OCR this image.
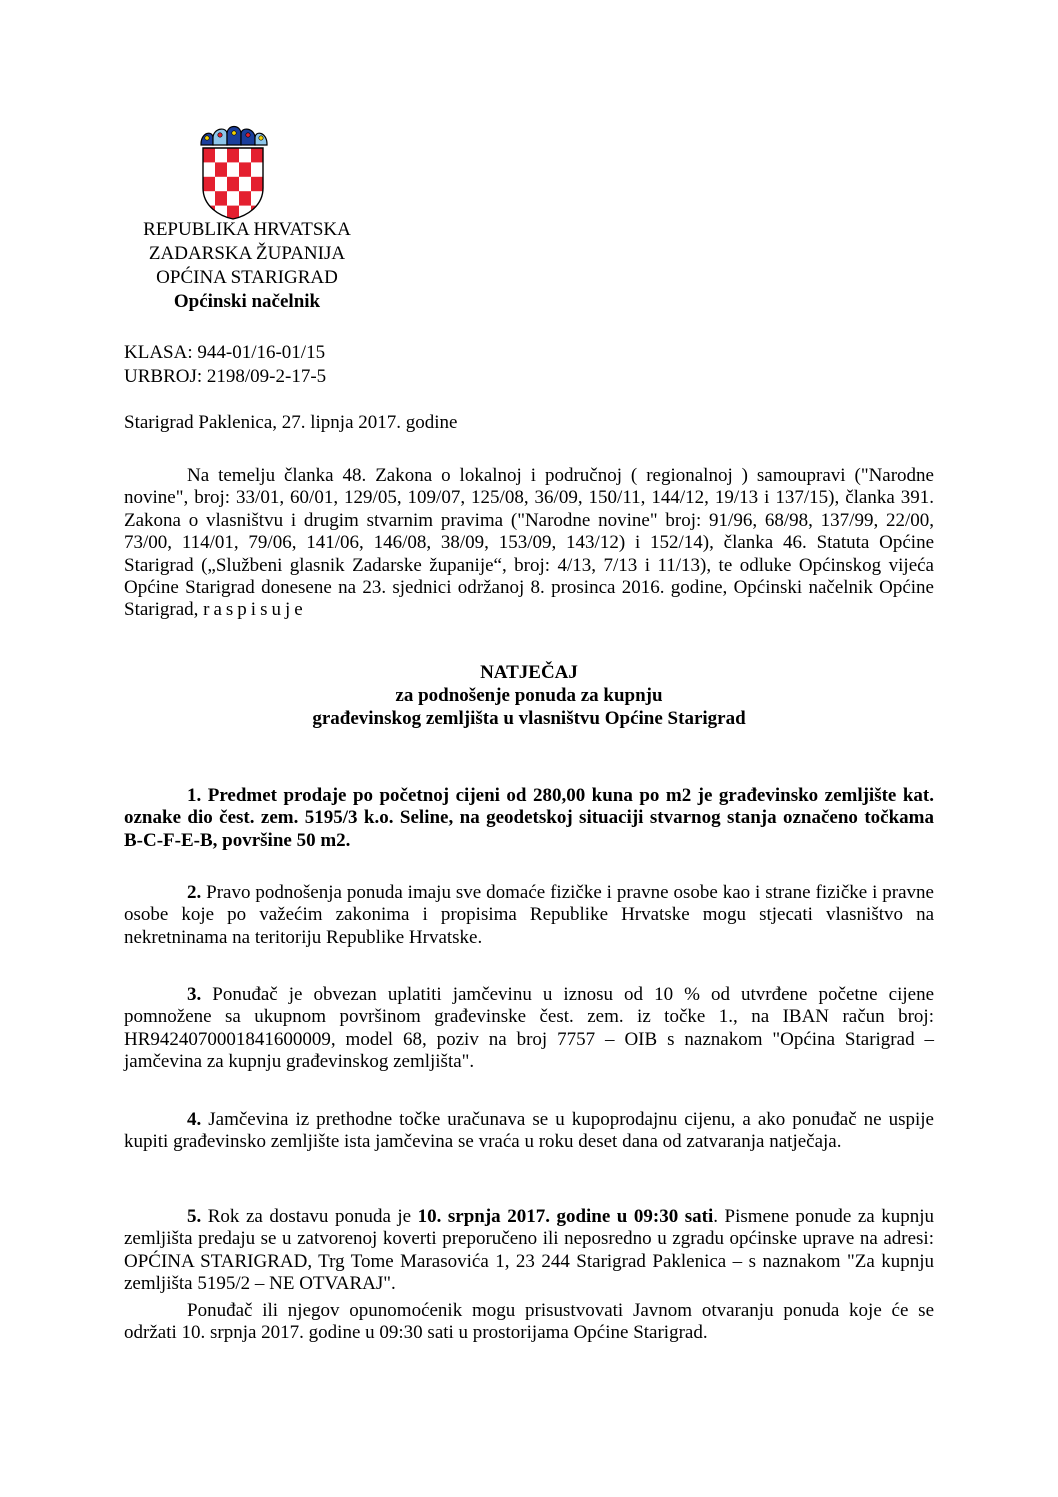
REPUBLIKA HRVATSKA
ZADARSKA ŽUPANIJA
OPĆINA STARIGRAD
Općinski načelnik
KLASA: 944-01/16-01/15
URBROJ: 2198/09-2-17-5
Starigrad Paklenica, 27. lipnja 2017. godine

Na temelju članka 48. Zakona o lokalnoj i područnoj ( regionalnoj ) samoupravi ("Narodne novine", broj: 33/01, 60/01, 129/05, 109/07, 125/08, 36/09, 150/11, 144/12, 19/13 i 137/15), članka 391. Zakona o vlasništvu i drugim stvarnim pravima ("Narodne novine" broj: 91/96, 68/98, 137/99, 22/00, 73/00, 114/01, 79/06, 141/06, 146/08, 38/09, 153/09, 143/12) i 152/14), članka 46. Statuta Općine Starigrad („Službeni glasnik Zadarske županije“, broj: 4/13, 7/13 i 11/13), te odluke Općinskog vijeća Općine Starigrad donesene na 23. sjednici održanoj 8. prosinca 2016. godine, Općinski načelnik Općine Starigrad, raspisuje

NATJEČAJ
za podnošenje ponuda za kupnju
građevinskog zemljišta u vlasništvu Općine Starigrad

1. Predmet prodaje po početnoj cijeni od 280,00 kuna po m2 je građevinsko zemljište kat. oznake dio čest. zem. 5195/3 k.o. Seline, na geodetskoj situaciji stvarnog stanja označeno točkama B-C-F-E-B, površine 50 m2.

2. Pravo podnošenja ponuda imaju sve domaće fizičke i pravne osobe kao i strane fizičke i pravne osobe koje po važećim zakonima i propisima Republike Hrvatske mogu stjecati vlasništvo na nekretninama na teritoriju Republike Hrvatske.

3. Ponuđač je obvezan uplatiti jamčevinu u iznosu od 10 % od utvrđene početne cijene pomnožene sa ukupnom površinom građevinske čest. zem. iz točke 1., na IBAN račun broj: HR9424070001841600009, model 68, poziv na broj 7757 – OIB s naznakom "Općina Starigrad – jamčevina za kupnju građevinskog zemljišta".

4. Jamčevina iz prethodne točke uračunava se u kupoprodajnu cijenu, a ako ponuđač ne uspije kupiti građevinsko zemljište ista jamčevina se vraća u roku deset dana od zatvaranja natječaja.

5. Rok za dostavu ponuda je 10. srpnja 2017. godine u 09:30 sati. Pismene ponude za kupnju zemljišta predaju se u zatvorenoj koverti preporučeno ili neposredno u zgradu općinske uprave na adresi: OPĆINA STARIGRAD, Trg Tome Marasovića 1, 23 244 Starigrad Paklenica – s naznakom "Za kupnju zemljišta 5195/2 – NE OTVARAJ".

Ponuđač ili njegov opunomoćenik mogu prisustvovati Javnom otvaranju ponuda koje će se održati 10. srpnja 2017. godine u 09:30 sati u prostorijama Općine Starigrad.
